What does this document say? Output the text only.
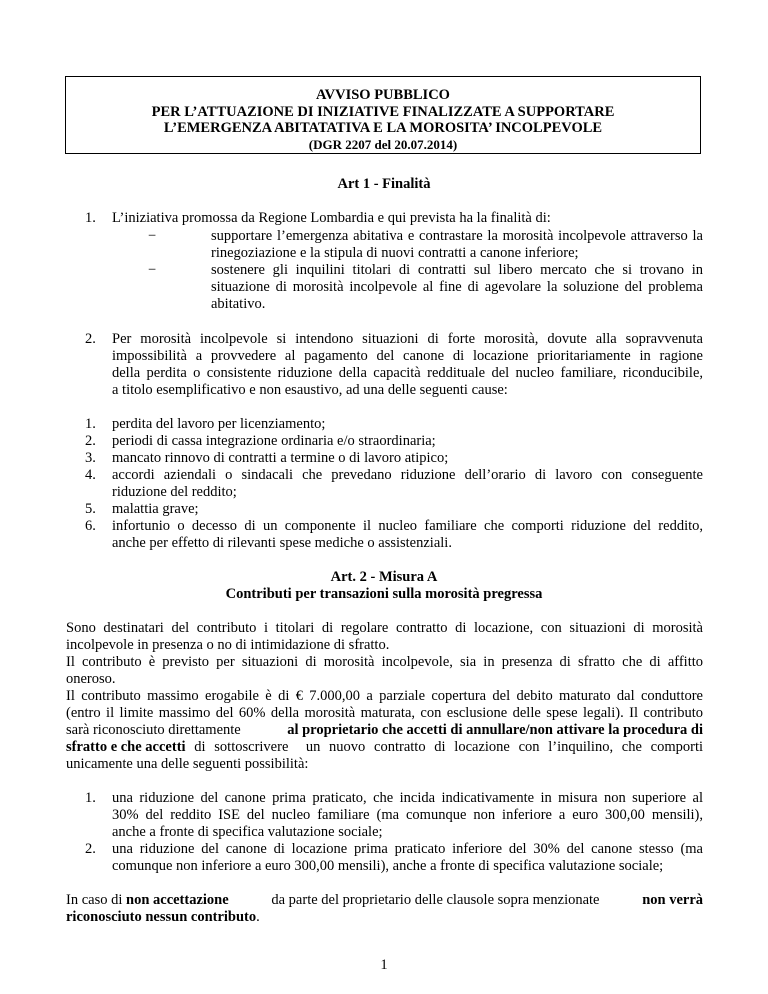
AVVISO PUBBLICO
PER L’ATTUAZIONE DI INIZIATIVE FINALIZZATE A SUPPORTARE
L’EMERGENZA ABITATATIVA E LA MOROSITA’ INCOLPEVOLE
(DGR 2207 del 20.07.2014)
Art 1 - Finalità
1. L’iniziativa promossa da Regione Lombardia e qui prevista ha la finalità di:
−	supportare l’emergenza abitativa e contrastare la morosità incolpevole attraverso la
rinegoziazione e la stipula di nuovi contratti a canone inferiore;
−	sostenere gli inquilini titolari di contratti sul libero mercato che si trovano in
situazione di morosità incolpevole al fine di agevolare la soluzione del problema
abitativo.
2. Per morosità incolpevole si intendono situazioni di forte morosità, dovute alla sopravvenuta
impossibilità a provvedere al pagamento del canone di locazione prioritariamente in ragione
della perdita o consistente riduzione della capacità reddituale del nucleo familiare, riconducibile,
a titolo esemplificativo e non esaustivo, ad una delle seguenti cause:
1. perdita del lavoro per licenziamento;
2. periodi di cassa integrazione ordinaria e/o straordinaria;
3. mancato rinnovo di contratti a termine o di lavoro atipico;
4. accordi aziendali o sindacali che prevedano riduzione dell’orario di lavoro con conseguente
riduzione del reddito;
5. malattia grave;
6. infortunio o decesso di un componente il nucleo familiare che comporti riduzione del reddito,
anche per effetto di rilevanti spese mediche o assistenziali.
Art. 2 - Misura A
Contributi per transazioni sulla morosità pregressa
Sono destinatari del contributo i titolari di regolare contratto di locazione, con situazioni di morosità
incolpevole in presenza o no di intimidazione di sfratto.
Il contributo è previsto per situazioni di morosità incolpevole, sia in presenza di sfratto che di affitto
oneroso.
Il contributo massimo erogabile è di € 7.000,00 a parziale copertura del debito maturato dal conduttore
(entro il limite massimo del 60% della morosità maturata, con esclusione delle spese legali). Il contributo
sarà riconosciuto direttamente	al proprietario che accetti di annullare/non attivare la procedura di
sfratto e che accetti di sottoscrivere  un nuovo contratto di locazione con l’inquilino, che comporti
unicamente una delle seguenti possibilità:
1. una riduzione del canone prima praticato, che incida indicativamente in misura non superiore al
30% del reddito ISE del nucleo familiare (ma comunque non inferiore a euro 300,00 mensili),
anche a fronte di specifica valutazione sociale;
2. una riduzione del canone di locazione prima praticato inferiore del 30% del canone stesso (ma
comunque non inferiore a euro 300,00 mensili), anche a fronte di specifica valutazione sociale;
In caso di non accettazione	da parte del proprietario delle clausole sopra menzionate	non verrà
riconosciuto nessun contributo.
1
